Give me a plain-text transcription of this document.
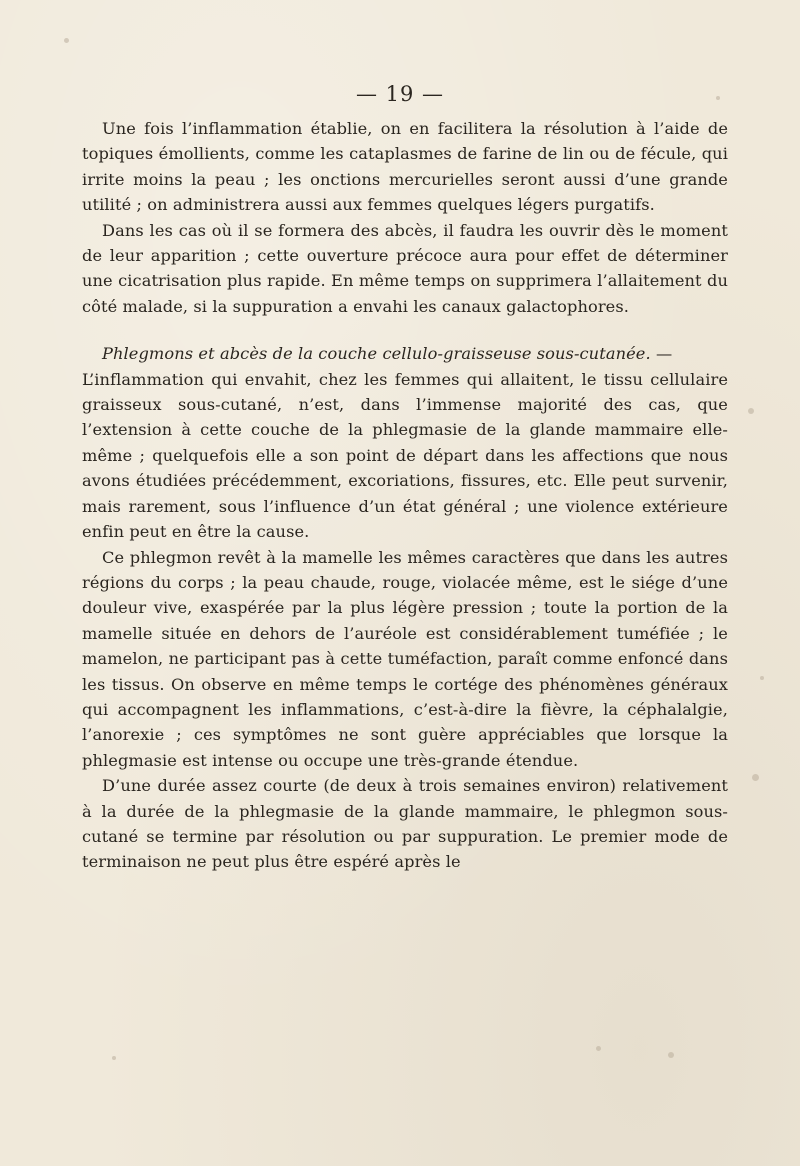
— 19 —

Une fois l’inflammation établie, on en facilitera la résolution à l’aide de topiques émollients, comme les cataplasmes de farine de lin ou de fécule, qui irrite moins la peau ; les onctions mercurielles seront aussi d’une grande utilité ; on administrera aussi aux femmes quelques légers purgatifs.

Dans les cas où il se formera des abcès, il faudra les ouvrir dès le moment de leur apparition ; cette ouverture précoce aura pour effet de déterminer une cicatrisation plus rapide. En même temps on supprimera l’allaitement du côté malade, si la suppuration a envahi les canaux galactophores.

Phlegmons et abcès de la couche cellulo-graisseuse sous-cutanée. —

L’inflammation qui envahit, chez les femmes qui allaitent, le tissu cellulaire graisseux sous-cutané, n’est, dans l’immense majorité des cas, que l’extension à cette couche de la phlegmasie de la glande mammaire elle-même ; quelquefois elle a son point de départ dans les affections que nous avons étudiées précédemment, excoriations, fissures, etc. Elle peut survenir, mais rarement, sous l’influence d’un état général ; une violence extérieure enfin peut en être la cause.

Ce phlegmon revêt à la mamelle les mêmes caractères que dans les autres régions du corps ; la peau chaude, rouge, violacée même, est le siége d’une douleur vive, exaspérée par la plus légère pression ; toute la portion de la mamelle située en dehors de l’auréole est considérablement tuméfiée ; le mamelon, ne participant pas à cette tuméfaction, paraît comme enfoncé dans les tissus. On observe en même temps le cortége des phénomènes généraux qui accompagnent les inflammations, c’est-à-dire la fièvre, la céphalalgie, l’anorexie ; ces symptômes ne sont guère appréciables que lorsque la phlegmasie est intense ou occupe une très-grande étendue.

D’une durée assez courte (de deux à trois semaines environ) relativement à la durée de la phlegmasie de la glande mammaire, le phlegmon sous-cutané se termine par résolution ou par suppuration. Le premier mode de terminaison ne peut plus être espéré après le
